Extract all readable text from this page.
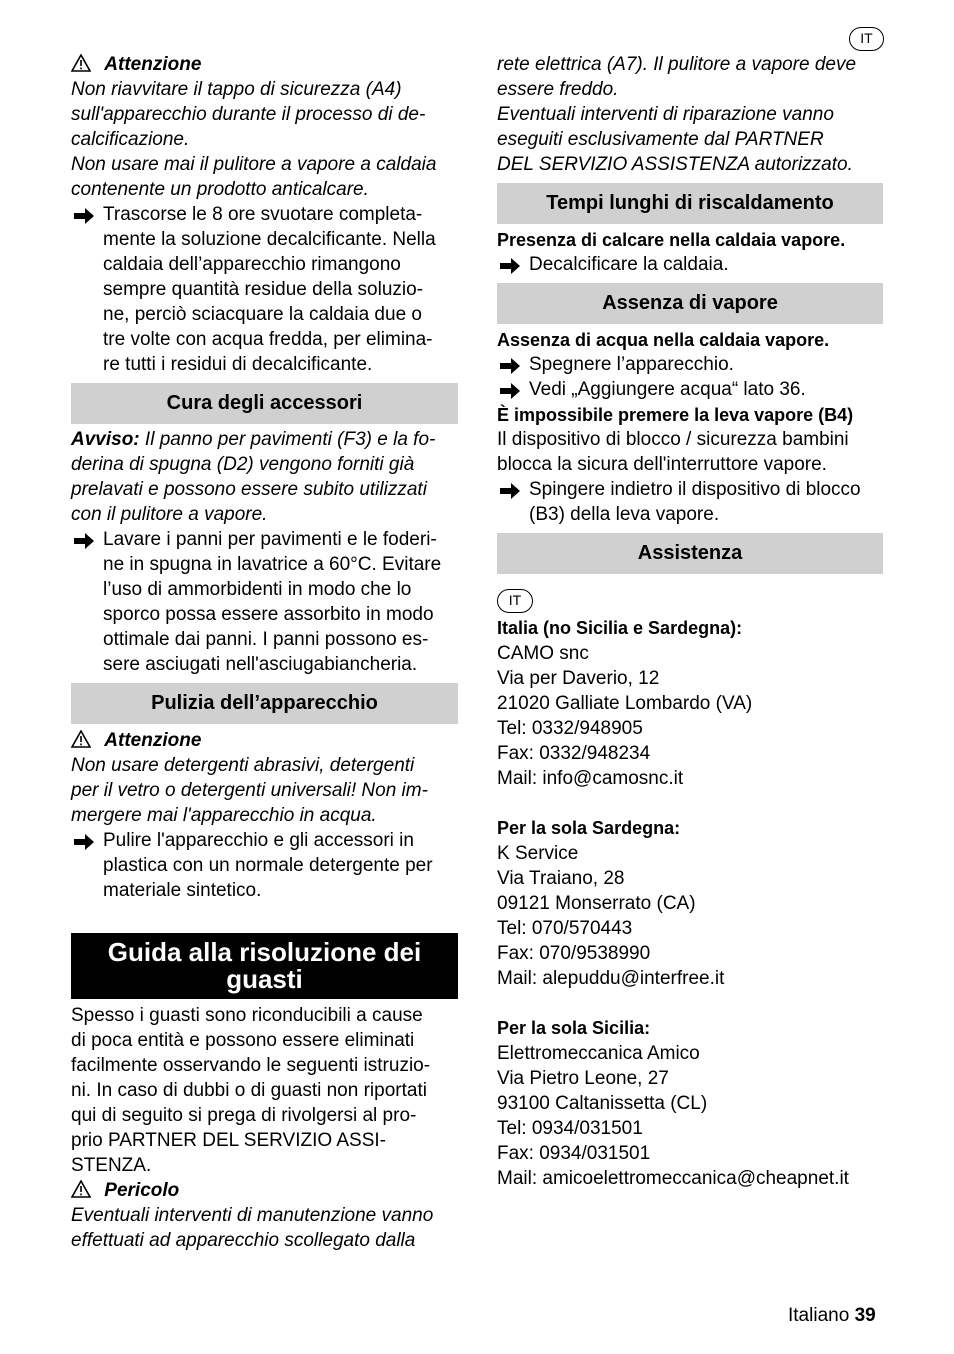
IT
Attenzione
Non riavvitare il tappo di sicurezza (A4)
sull'apparecchio durante il processo di de-
calcificazione.
Non usare mai il pulitore a vapore a caldaia
contenente un prodotto anticalcare.
Trascorse le 8 ore svuotare completa-
mente la soluzione decalcificante. Nella
caldaia dell’apparecchio rimangono
sempre quantità residue della soluzio-
ne, perciò sciacquare la caldaia due o
tre volte con acqua fredda, per elimina-
re tutti i residui di decalcificante.
Cura degli accessori
Avviso: Il panno per pavimenti (F3) e la fo-
derina di spugna (D2) vengono forniti già
prelavati e possono essere subito utilizzati
con il pulitore a vapore.
Lavare i panni per pavimenti e le foderi-
ne in spugna in lavatrice a 60°C. Evitare
l’uso di ammorbidenti in modo che lo
sporco possa essere assorbito in modo
ottimale dai panni. I panni possono es-
sere asciugati nell'asciugabiancheria.
Pulizia dell’apparecchio
Attenzione
Non usare detergenti abrasivi, detergenti
per il vetro o detergenti universali! Non im-
mergere mai l'apparecchio in acqua.
Pulire l'apparecchio e gli accessori in
plastica con un normale detergente per
materiale sintetico.
Guida alla risoluzione dei
guasti
Spesso i guasti sono riconducibili a cause
di poca entità e possono essere eliminati
facilmente osservando le seguenti istruzio-
ni. In caso di dubbi o di guasti non riportati
qui di seguito si prega di rivolgersi al pro-
prio PARTNER DEL SERVIZIO ASSI-
STENZA.
Pericolo
Eventuali interventi di manutenzione vanno
effettuati ad apparecchio scollegato dalla
rete elettrica (A7). Il pulitore a vapore deve
essere freddo.
Eventuali interventi di riparazione vanno
eseguiti esclusivamente dal PARTNER
DEL SERVIZIO ASSISTENZA autorizzato.
Tempi lunghi di riscaldamento
Presenza di calcare nella caldaia vapore.
Decalcificare la caldaia.
Assenza di vapore
Assenza di acqua nella caldaia vapore.
Spegnere l’apparecchio.
Vedi „Aggiungere acqua“ lato 36.
È impossibile premere la leva vapore (B4)
Il dispositivo di blocco / sicurezza bambini
blocca la sicura dell'interruttore vapore.
Spingere indietro il dispositivo di blocco
(B3) della leva vapore.
Assistenza
IT
Italia (no Sicilia e Sardegna):
CAMO snc
Via per Daverio, 12
21020 Galliate Lombardo (VA)
Tel: 0332/948905
Fax: 0332/948234
Mail: info@camosnc.it
Per la sola Sardegna:
K Service
Via Traiano, 28
09121 Monserrato (CA)
Tel: 070/570443
Fax: 070/9538990
Mail: alepuddu@interfree.it
Per la sola Sicilia:
Elettromeccanica Amico
Via Pietro Leone, 27
93100 Caltanissetta (CL)
Tel: 0934/031501
Fax: 0934/031501
Mail: amicoelettromeccanica@cheapnet.it
Italiano 39
